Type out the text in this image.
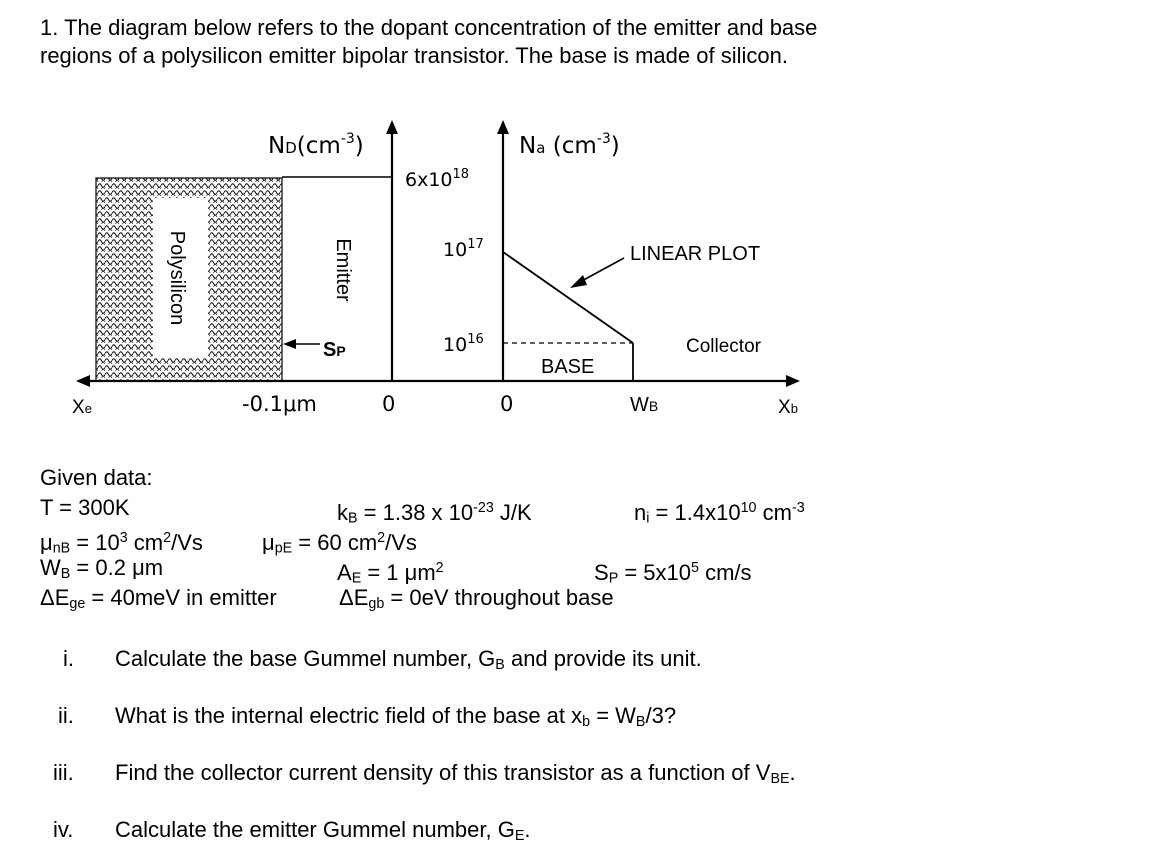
1. The diagram below refers to the dopant concentration of the emitter and base
regions of a polysilicon emitter bipolar transistor. The base is made of silicon.
Polysilicon	Emitter
$ND(cm^{-3})$	Na $(cm^{-3})$
$6x10^{18}$
$10^{17}$
$10^{16}$
SP
LINEAR PLOT
BASE
Collector
Xe	-0.1μm	0	0	WB	Xb
Given data:
T = 300K	$k_B = 1.38$ x $10^{-23}$ J/K	$n_i = 1.4x10^{10}$ $cm^{-3}$
$\mu_{nB} = 10^3$ $cm^2/Vs$	$\mu_{pE} = 60$ $cm^2/Vs$
$W_B = 0.2$ μm	$A_E = 1$ $\mu m^2$	$S_P = 5x10^5$ cm/s
$\Delta E_{ge} = 40meV$ in emitter	$\Delta E_{gb} = 0eV$ throughout base
i. Calculate the base Gummel number, $G_B$ and provide its unit.
ii. What is the internal electric field of the base at $x_b = W_B/3$?
iii. Find the collector current density of this transistor as a function of $V_{BE}$.
iv. Calculate the emitter Gummel number, $G_E$.
